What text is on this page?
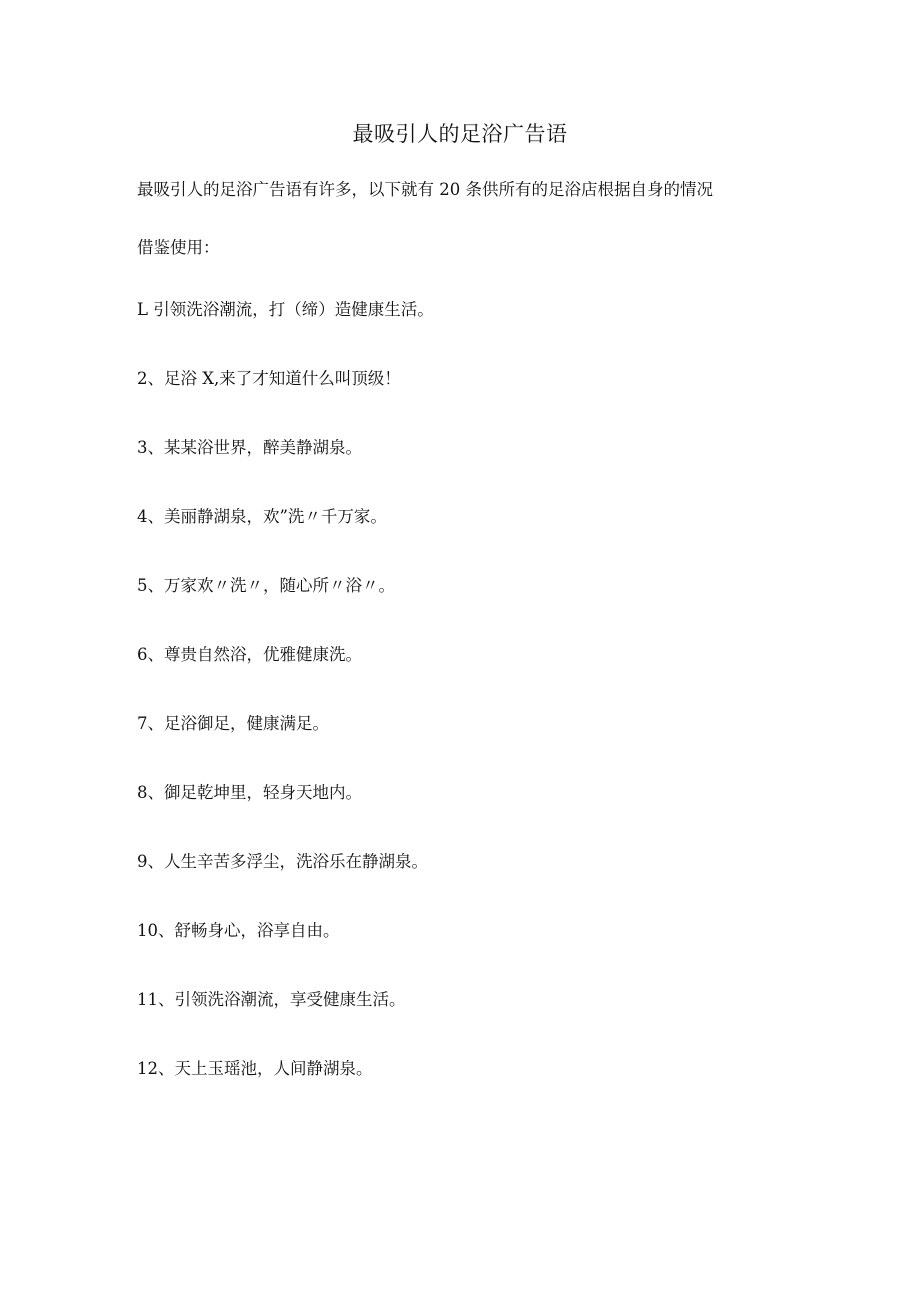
最吸引人的足浴广告语
最吸引人的足浴广告语有许多，以下就有 20 条供所有的足浴店根据自身的情况
借鉴使用：
L 引领洗浴潮流，打（缔）造健康生活。
2、足浴 X,来了才知道什么叫顶级！
3、某某浴世界，醉美静湖泉。
4、美丽静湖泉，欢”洗〃千万家。
5、万家欢〃洗〃，随心所〃浴〃。
6、尊贵自然浴，优雅健康洗。
7、足浴御足，健康满足。
8、御足乾坤里，轻身天地内。
9、人生辛苦多浮尘，洗浴乐在静湖泉。
10、舒畅身心，浴享自由。
11、引领洗浴潮流，享受健康生活。
12、天上玉瑶池，人间静湖泉。
